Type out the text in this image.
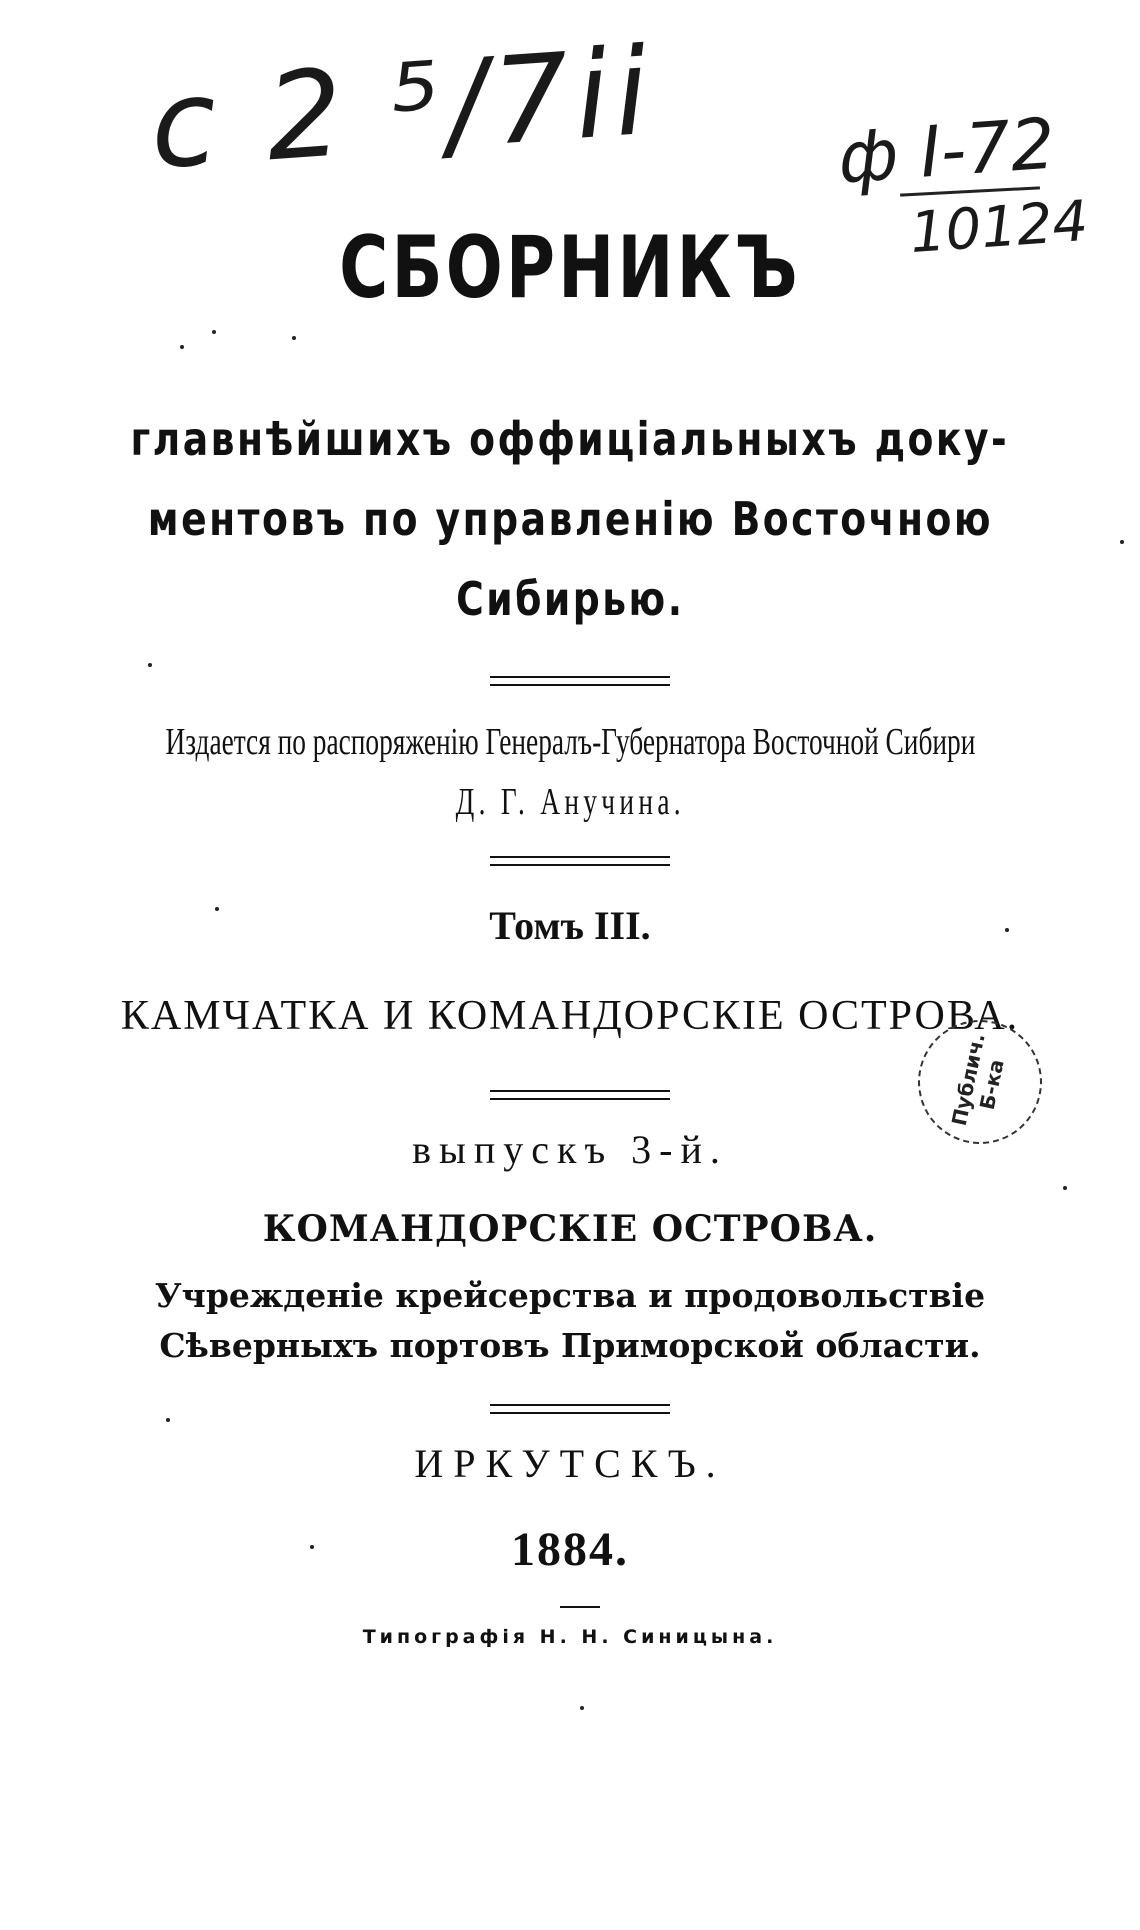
c 2 ⁵/7ii	ф I-72
10124
СБОРНИКЪ
главнѣйшихъ оффиціальныхъ доку-
ментовъ по управленію Восточною
Сибирью.
Издается по распоряженію Генералъ-Губернатора Восточной Сибири
Д. Г. Анучина.
Томъ III.
КАМЧАТКА И КОМАНДОРСКІЕ ОСТРОВА.
выпускъ 3-й.
КОМАНДОРСКІЕ ОСТРОВА.
Учрежденіе крейсерства и продовольствіе
Сѣверныхъ портовъ Приморской области.
ИРКУТСКЪ.
1884.
Типографія Н. Н. Синицына.
Публич. Б-ка
